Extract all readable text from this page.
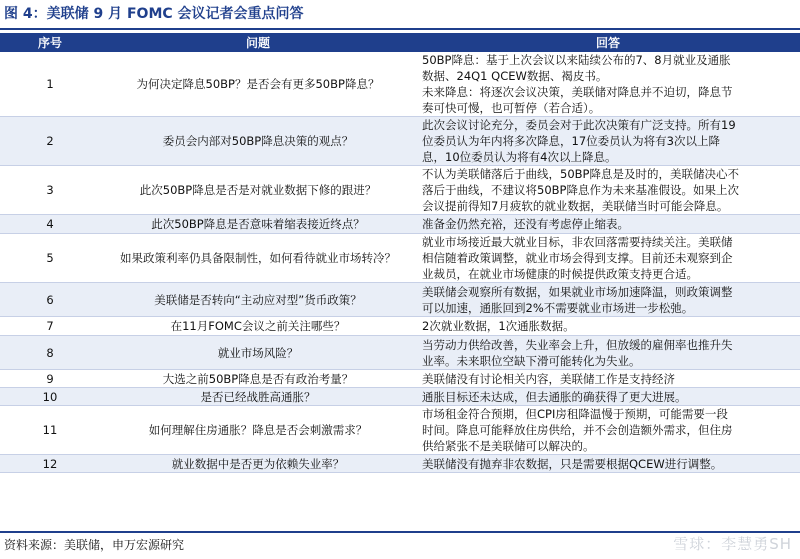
图 4：美联储 9 月 FOMC 会议记者会重点问答
序号	问题	回答
1	为何决定降息50BP？是否会有更多50BP降息？	50BP降息：基于上次会议以来陆续公布的7、8月就业及通胀
数据、24Q1 QCEW数据、褐皮书。
未来降息：将逐次会议决策，美联储对降息并不迫切，降息节
奏可快可慢，也可暂停（若合适）。

2	委员会内部对50BP降息决策的观点？	此次会议讨论充分，委员会对于此次决策有广泛支持。所有19
位委员认为年内将多次降息，17位委员认为将有3次以上降
息，10位委员认为将有4次以上降息。

3	此次50BP降息是否是对就业数据下修的跟进？	不认为美联储落后于曲线，50BP降息是及时的，美联储决心不
落后于曲线，不建议将50BP降息作为未来基准假设。如果上次
会议提前得知7月疲软的就业数据，美联储当时可能会降息。

4	此次50BP降息是否意味着缩表接近终点？	准备金仍然充裕，还没有考虑停止缩表。

5	如果政策利率仍具备限制性，如何看待就业市场转冷？	就业市场接近最大就业目标，非农回落需要持续关注。美联储
相信随着政策调整，就业市场会得到支撑。目前还未观察到企
业裁员，在就业市场健康的时候提供政策支持更合适。

6	美联储是否转向“主动应对型”货币政策？	美联储会观察所有数据，如果就业市场加速降温，则政策调整
可以加速，通胀回到2%不需要就业市场进一步松弛。

7	在11月FOMC会议之前关注哪些？	2次就业数据，1次通胀数据。

8	就业市场风险？	当劳动力供给改善，失业率会上升，但放缓的雇佣率也推升失
业率。未来职位空缺下滑可能转化为失业。

9	大选之前50BP降息是否有政治考量？	美联储没有讨论相关内容，美联储工作是支持经济

10	是否已经战胜高通胀？	通胀目标还未达成，但去通胀的确获得了更大进展。

11	如何理解住房通胀？降息是否会刺激需求？	市场租金符合预期，但CPI房租降温慢于预期，可能需要一段
时间。降息可能释放住房供给，并不会创造额外需求，但住房
供给紧张不是美联储可以解决的。

12	就业数据中是否更为依赖失业率？	美联储没有抛弃非农数据，只是需要根据QCEW进行调整。
资料来源：美联储，申万宏源研究	雪球：李慧勇SH
